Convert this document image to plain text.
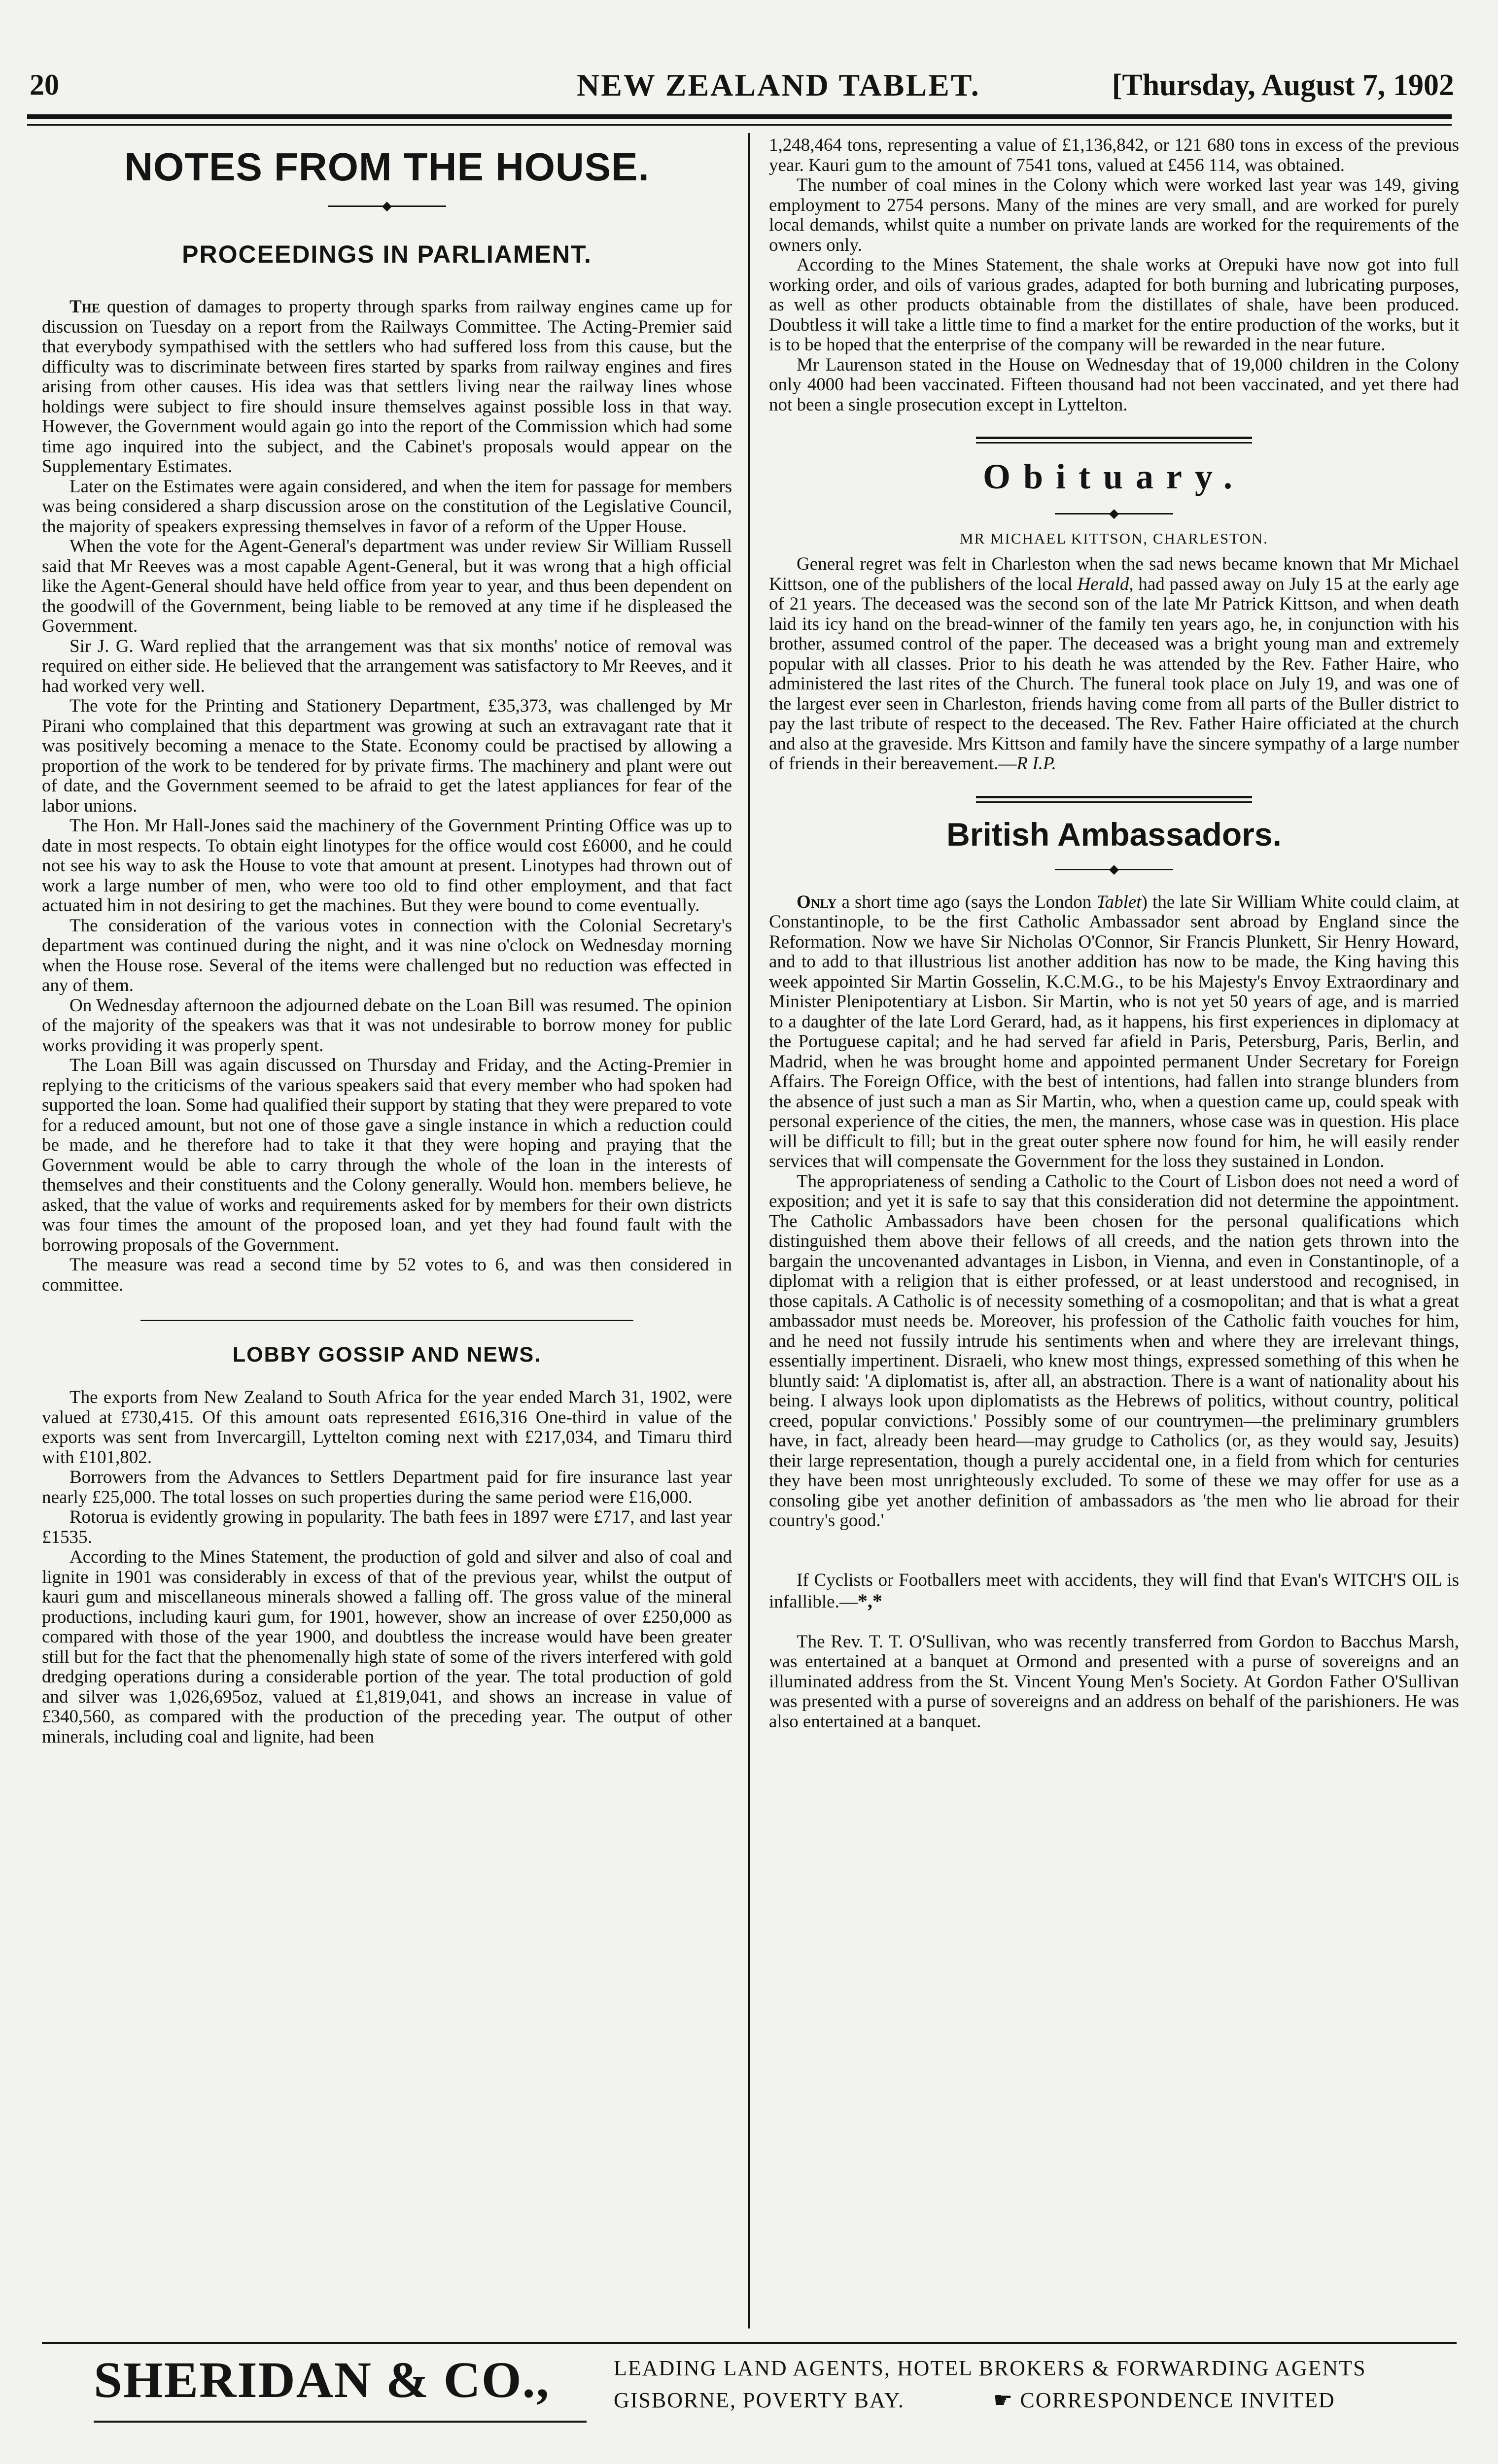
20	NEW ZEALAND TABLET.	[Thursday, August 7, 1902
NOTES FROM THE HOUSE.
◆
PROCEEDINGS IN PARLIAMENT.

The question of damages to property through sparks from railway engines came up for discussion on Tuesday on a report from the Railways Committee. The Acting-Premier said that everybody sympathised with the settlers who had suffered loss from this cause, but the difficulty was to discriminate between fires started by sparks from railway engines and fires arising from other causes. His idea was that settlers living near the railway lines whose holdings were subject to fire should insure themselves against possible loss in that way. However, the Government would again go into the report of the Commission which had some time ago inquired into the subject, and the Cabinet's proposals would appear on the Supplementary Estimates.

Later on the Estimates were again considered, and when the item for passage for members was being considered a sharp discussion arose on the constitution of the Legislative Council, the majority of speakers expressing themselves in favor of a reform of the Upper House.

When the vote for the Agent-General's department was under review Sir William Russell said that Mr Reeves was a most capable Agent-General, but it was wrong that a high official like the Agent-General should have held office from year to year, and thus been dependent on the goodwill of the Government, being liable to be removed at any time if he displeased the Government.

Sir J. G. Ward replied that the arrangement was that six months' notice of removal was required on either side. He believed that the arrangement was satisfactory to Mr Reeves, and it had worked very well.

The vote for the Printing and Stationery Department, £35,373, was challenged by Mr Pirani who complained that this department was growing at such an extravagant rate that it was positively becoming a menace to the State. Economy could be practised by allowing a proportion of the work to be tendered for by private firms. The machinery and plant were out of date, and the Government seemed to be afraid to get the latest appliances for fear of the labor unions.

The Hon. Mr Hall-Jones said the machinery of the Government Printing Office was up to date in most respects. To obtain eight linotypes for the office would cost £6000, and he could not see his way to ask the House to vote that amount at present. Linotypes had thrown out of work a large number of men, who were too old to find other employment, and that fact actuated him in not desiring to get the machines. But they were bound to come eventually.

The consideration of the various votes in connection with the Colonial Secretary's department was continued during the night, and it was nine o'clock on Wednesday morning when the House rose. Several of the items were challenged but no reduction was effected in any of them.

On Wednesday afternoon the adjourned debate on the Loan Bill was resumed. The opinion of the majority of the speakers was that it was not undesirable to borrow money for public works providing it was properly spent.

The Loan Bill was again discussed on Thursday and Friday, and the Acting-Premier in replying to the criticisms of the various speakers said that every member who had spoken had supported the loan. Some had qualified their support by stating that they were prepared to vote for a reduced amount, but not one of those gave a single instance in which a reduction could be made, and he therefore had to take it that they were hoping and praying that the Government would be able to carry through the whole of the loan in the interests of themselves and their constituents and the Colony generally. Would hon. members believe, he asked, that the value of works and requirements asked for by members for their own districts was four times the amount of the proposed loan, and yet they had found fault with the borrowing proposals of the Government.

The measure was read a second time by 52 votes to 6, and was then considered in committee.

LOBBY GOSSIP AND NEWS.

The exports from New Zealand to South Africa for the year ended March 31, 1902, were valued at £730,415. Of this amount oats represented £616,316 One-third in value of the exports was sent from Invercargill, Lyttelton coming next with £217,034, and Timaru third with £101,802.

Borrowers from the Advances to Settlers Department paid for fire insurance last year nearly £25,000. The total losses on such properties during the same period were £16,000.

Rotorua is evidently growing in popularity. The bath fees in 1897 were £717, and last year £1535.

According to the Mines Statement, the production of gold and silver and also of coal and lignite in 1901 was considerably in excess of that of the previous year, whilst the output of kauri gum and miscellaneous minerals showed a falling off. The gross value of the mineral productions, including kauri gum, for 1901, however, show an increase of over £250,000 as compared with those of the year 1900, and doubtless the increase would have been greater still but for the fact that the phenomenally high state of some of the rivers interfered with gold dredging operations during a considerable portion of the year. The total production of gold and silver was 1,026,695oz, valued at £1,819,041, and shows an increase in value of £340,560, as compared with the production of the preceding year. The output of other minerals, including coal and lignite, had been

1,248,464 tons, representing a value of £1,136,842, or 121 680 tons in excess of the previous year. Kauri gum to the amount of 7541 tons, valued at £456 114, was obtained.

The number of coal mines in the Colony which were worked last year was 149, giving employment to 2754 persons. Many of the mines are very small, and are worked for purely local demands, whilst quite a number on private lands are worked for the requirements of the owners only.

According to the Mines Statement, the shale works at Orepuki have now got into full working order, and oils of various grades, adapted for both burning and lubricating purposes, as well as other products obtainable from the distillates of shale, have been produced. Doubtless it will take a little time to find a market for the entire production of the works, but it is to be hoped that the enterprise of the company will be rewarded in the near future.

Mr Laurenson stated in the House on Wednesday that of 19,000 children in the Colony only 4000 had been vaccinated. Fifteen thousand had not been vaccinated, and yet there had not been a single prosecution except in Lyttelton.

Obituary.
◆
MR MICHAEL KITTSON, CHARLESTON.

General regret was felt in Charleston when the sad news became known that Mr Michael Kittson, one of the publishers of the local Herald, had passed away on July 15 at the early age of 21 years. The deceased was the second son of the late Mr Patrick Kittson, and when death laid its icy hand on the bread-winner of the family ten years ago, he, in conjunction with his brother, assumed control of the paper. The deceased was a bright young man and extremely popular with all classes. Prior to his death he was attended by the Rev. Father Haire, who administered the last rites of the Church. The funeral took place on July 19, and was one of the largest ever seen in Charleston, friends having come from all parts of the Buller district to pay the last tribute of respect to the deceased. The Rev. Father Haire officiated at the church and also at the graveside. Mrs Kittson and family have the sincere sympathy of a large number of friends in their bereavement.—R I.P.

British Ambassadors.
◆

Only a short time ago (says the London Tablet) the late Sir William White could claim, at Constantinople, to be the first Catholic Ambassador sent abroad by England since the Reformation. Now we have Sir Nicholas O'Connor, Sir Francis Plunkett, Sir Henry Howard, and to add to that illustrious list another addition has now to be made, the King having this week appointed Sir Martin Gosselin, K.C.M.G., to be his Majesty's Envoy Extraordinary and Minister Plenipotentiary at Lisbon. Sir Martin, who is not yet 50 years of age, and is married to a daughter of the late Lord Gerard, had, as it happens, his first experiences in diplomacy at the Portuguese capital; and he had served far afield in Paris, Petersburg, Paris, Berlin, and Madrid, when he was brought home and appointed permanent Under Secretary for Foreign Affairs. The Foreign Office, with the best of intentions, had fallen into strange blunders from the absence of just such a man as Sir Martin, who, when a question came up, could speak with personal experience of the cities, the men, the manners, whose case was in question. His place will be difficult to fill; but in the great outer sphere now found for him, he will easily render services that will compensate the Government for the loss they sustained in London.

The appropriateness of sending a Catholic to the Court of Lisbon does not need a word of exposition; and yet it is safe to say that this consideration did not determine the appointment. The Catholic Ambassadors have been chosen for the personal qualifications which distinguished them above their fellows of all creeds, and the nation gets thrown into the bargain the uncovenanted advantages in Lisbon, in Vienna, and even in Constantinople, of a diplomat with a religion that is either professed, or at least understood and recognised, in those capitals. A Catholic is of necessity something of a cosmopolitan; and that is what a great ambassador must needs be. Moreover, his profession of the Catholic faith vouches for him, and he need not fussily intrude his sentiments when and where they are irrelevant things, essentially impertinent. Disraeli, who knew most things, expressed something of this when he bluntly said: 'A diplomatist is, after all, an abstraction. There is a want of nationality about his being. I always look upon diplomatists as the Hebrews of politics, without country, political creed, popular convictions.' Possibly some of our countrymen—the preliminary grumblers have, in fact, already been heard—may grudge to Catholics (or, as they would say, Jesuits) their large representation, though a purely accidental one, in a field from which for centuries they have been most unrighteously excluded. To some of these we may offer for use as a consoling gibe yet another definition of ambassadors as 'the men who lie abroad for their country's good.'

If Cyclists or Footballers meet with accidents, they will find that Evan's WITCH'S OIL is infallible.—*,*

The Rev. T. T. O'Sullivan, who was recently transferred from Gordon to Bacchus Marsh, was entertained at a banquet at Ormond and presented with a purse of sovereigns and an illuminated address from the St. Vincent Young Men's Society. At Gordon Father O'Sullivan was presented with a purse of sovereigns and an address on behalf of the parishioners. He was also entertained at a banquet.

SHERIDAN & CO.,	LEADING LAND AGENTS, HOTEL BROKERS & FORWARDING AGENTS
GISBORNE, POVERTY BAY.	☛ CORRESPONDENCE INVITED
